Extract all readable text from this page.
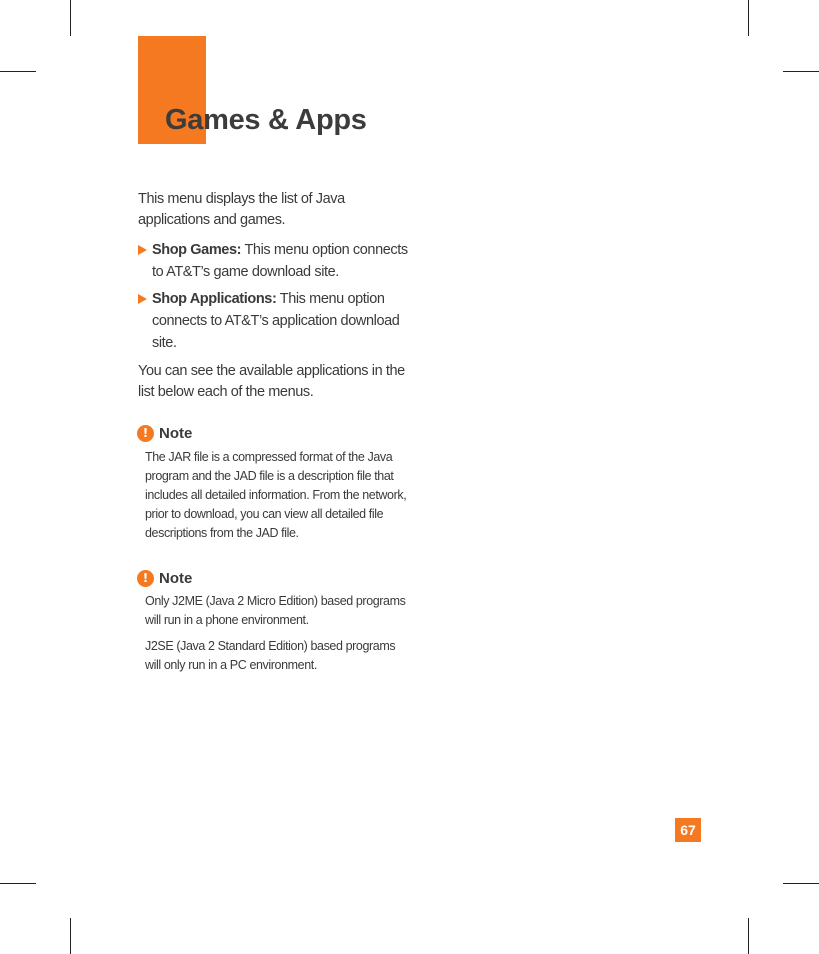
Games & Apps
This menu displays the list of Java applications and games.
Shop Games: This menu option connects to AT&T’s game download site.
Shop Applications: This menu option connects to AT&T’s application download site.
You can see the available applications in the list below each of the menus.
! Note

The JAR file is a compressed format of the Java program and the JAD file is a description file that includes all detailed information. From the network, prior to download, you can view all detailed file descriptions from the JAD file.

! Note

Only J2ME (Java 2 Micro Edition) based programs will run in a phone environment.

J2SE (Java 2 Standard Edition) based programs will only run in a PC environment.

67
